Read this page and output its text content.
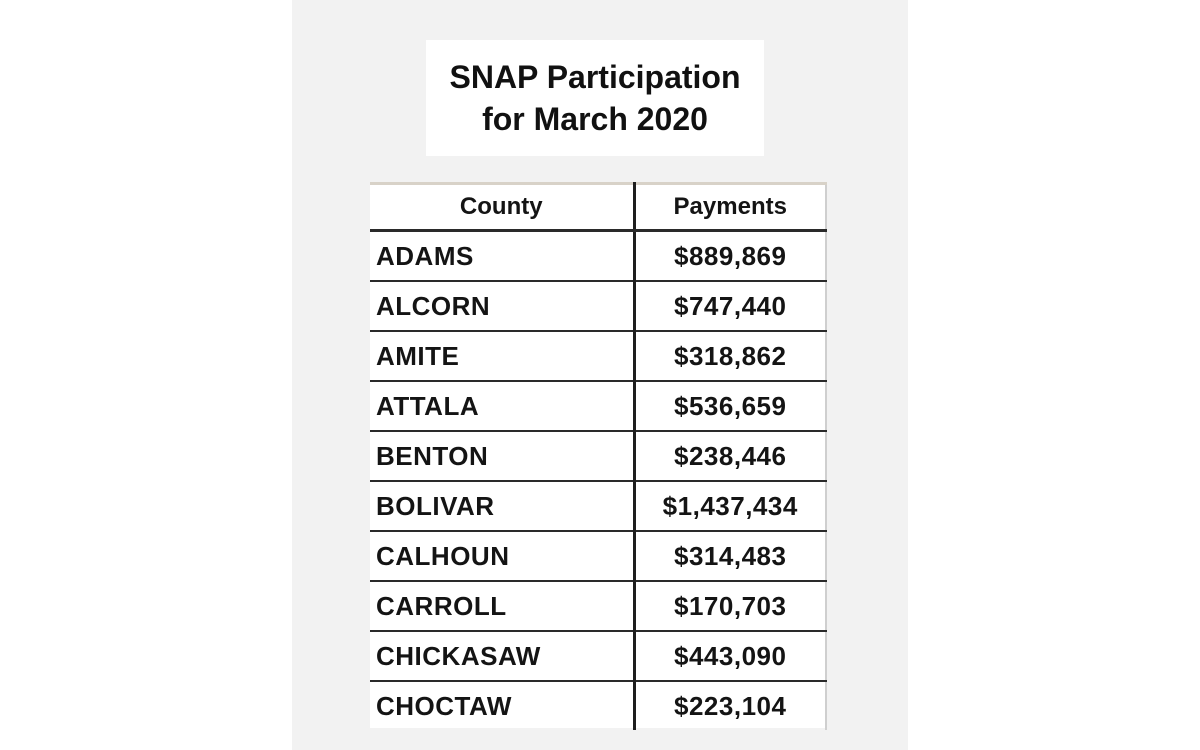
SNAP Participation
for March 2020
County	Payments
ADAMS	$889,869
ALCORN	$747,440
AMITE	$318,862
ATTALA	$536,659
BENTON	$238,446
BOLIVAR	$1,437,434
CALHOUN	$314,483
CARROLL	$170,703
CHICKASAW	$443,090
CHOCTAW	$223,104
